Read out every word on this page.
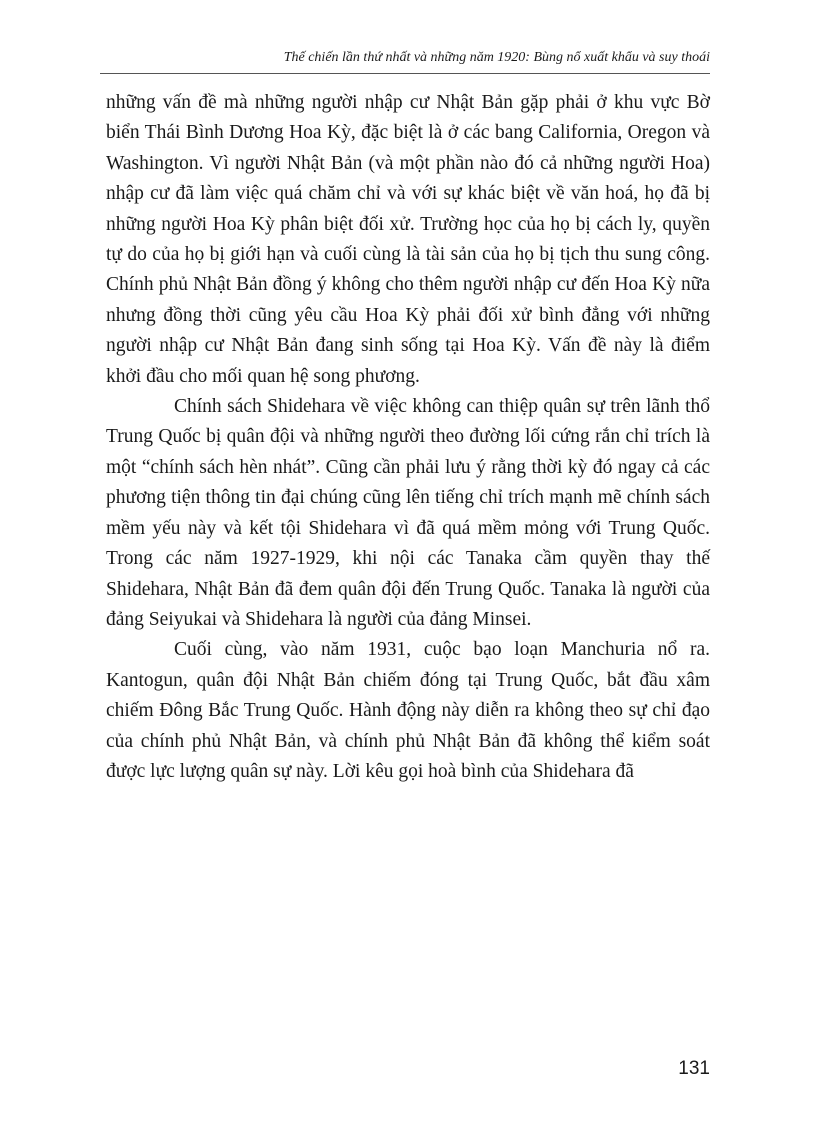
Thế chiến lần thứ nhất và những năm 1920: Bùng nổ xuất khẩu và suy thoái

những vấn đề mà những người nhập cư Nhật Bản gặp phải ở khu vực Bờ biển Thái Bình Dương Hoa Kỳ, đặc biệt là ở các bang California, Oregon và Washington. Vì người Nhật Bản (và một phần nào đó cả những người Hoa) nhập cư đã làm việc quá chăm chỉ và với sự khác biệt về văn hoá, họ đã bị những người Hoa Kỳ phân biệt đối xử. Trường học của họ bị cách ly, quyền tự do của họ bị giới hạn và cuối cùng là tài sản của họ bị tịch thu sung công. Chính phủ Nhật Bản đồng ý không cho thêm người nhập cư đến Hoa Kỳ nữa nhưng đồng thời cũng yêu cầu Hoa Kỳ phải đối xử bình đẳng với những người nhập cư Nhật Bản đang sinh sống tại Hoa Kỳ. Vấn đề này là điểm khởi đầu cho mối quan hệ song phương.

Chính sách Shidehara về việc không can thiệp quân sự trên lãnh thổ Trung Quốc bị quân đội và những người theo đường lối cứng rắn chỉ trích là một “chính sách hèn nhát”. Cũng cần phải lưu ý rằng thời kỳ đó ngay cả các phương tiện thông tin đại chúng cũng lên tiếng chỉ trích mạnh mẽ chính sách mềm yếu này và kết tội Shidehara vì đã quá mềm mỏng với Trung Quốc. Trong các năm 1927-1929, khi nội các Tanaka cầm quyền thay thế Shidehara, Nhật Bản đã đem quân đội đến Trung Quốc. Tanaka là người của đảng Seiyukai và Shidehara là người của đảng Minsei.

Cuối cùng, vào năm 1931, cuộc bạo loạn Manchuria nổ ra. Kantogun, quân đội Nhật Bản chiếm đóng tại Trung Quốc, bắt đầu xâm chiếm Đông Bắc Trung Quốc. Hành động này diễn ra không theo sự chỉ đạo của chính phủ Nhật Bản, và chính phủ Nhật Bản đã không thể kiểm soát được lực lượng quân sự này. Lời kêu gọi hoà bình của Shidehara đã

131
